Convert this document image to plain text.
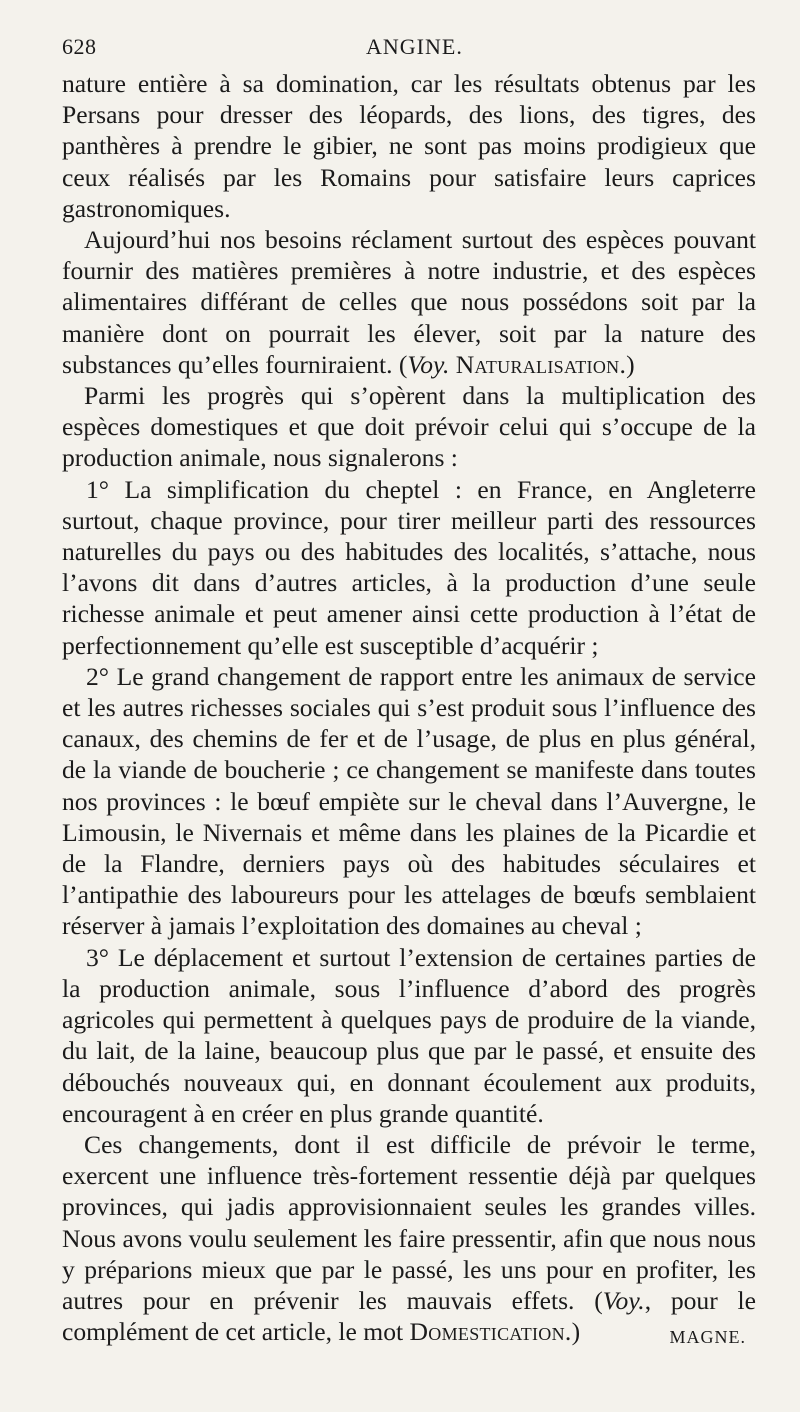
628	ANGINE.

nature entière à sa domination, car les résultats obtenus par les Persans pour dresser des léopards, des lions, des tigres, des panthères à prendre le gibier, ne sont pas moins prodigieux que ceux réalisés par les Romains pour satisfaire leurs caprices gastronomiques.

Aujourd’hui nos besoins réclament surtout des espèces pouvant fournir des matières premières à notre industrie, et des espèces alimentaires différant de celles que nous possédons soit par la manière dont on pourrait les élever, soit par la nature des substances qu’elles fourniraient. (Voy. Naturalisation.)

Parmi les progrès qui s’opèrent dans la multiplication des espèces domestiques et que doit prévoir celui qui s’occupe de la production animale, nous signalerons :

1° La simplification du cheptel : en France, en Angleterre surtout, chaque province, pour tirer meilleur parti des ressources naturelles du pays ou des habitudes des localités, s’attache, nous l’avons dit dans d’autres articles, à la production d’une seule richesse animale et peut amener ainsi cette production à l’état de perfectionnement qu’elle est susceptible d’acquérir ;

2° Le grand changement de rapport entre les animaux de service et les autres richesses sociales qui s’est produit sous l’influence des canaux, des chemins de fer et de l’usage, de plus en plus général, de la viande de boucherie ; ce changement se manifeste dans toutes nos provinces : le bœuf empiète sur le cheval dans l’Auvergne, le Limousin, le Nivernais et même dans les plaines de la Picardie et de la Flandre, derniers pays où des habitudes séculaires et l’antipathie des laboureurs pour les attelages de bœufs semblaient réserver à jamais l’exploitation des domaines au cheval ;

3° Le déplacement et surtout l’extension de certaines parties de la production animale, sous l’influence d’abord des progrès agricoles qui permettent à quelques pays de produire de la viande, du lait, de la laine, beaucoup plus que par le passé, et ensuite des débouchés nouveaux qui, en donnant écoulement aux produits, encouragent à en créer en plus grande quantité.

Ces changements, dont il est difficile de prévoir le terme, exercent une influence très-fortement ressentie déjà par quelques provinces, qui jadis approvisionnaient seules les grandes villes. Nous avons voulu seulement les faire pressentir, afin que nous nous y préparions mieux que par le passé, les uns pour en profiter, les autres pour en prévenir les mauvais effets. (Voy., pour le complément de cet article, le mot Domestication.)	MAGNE.
